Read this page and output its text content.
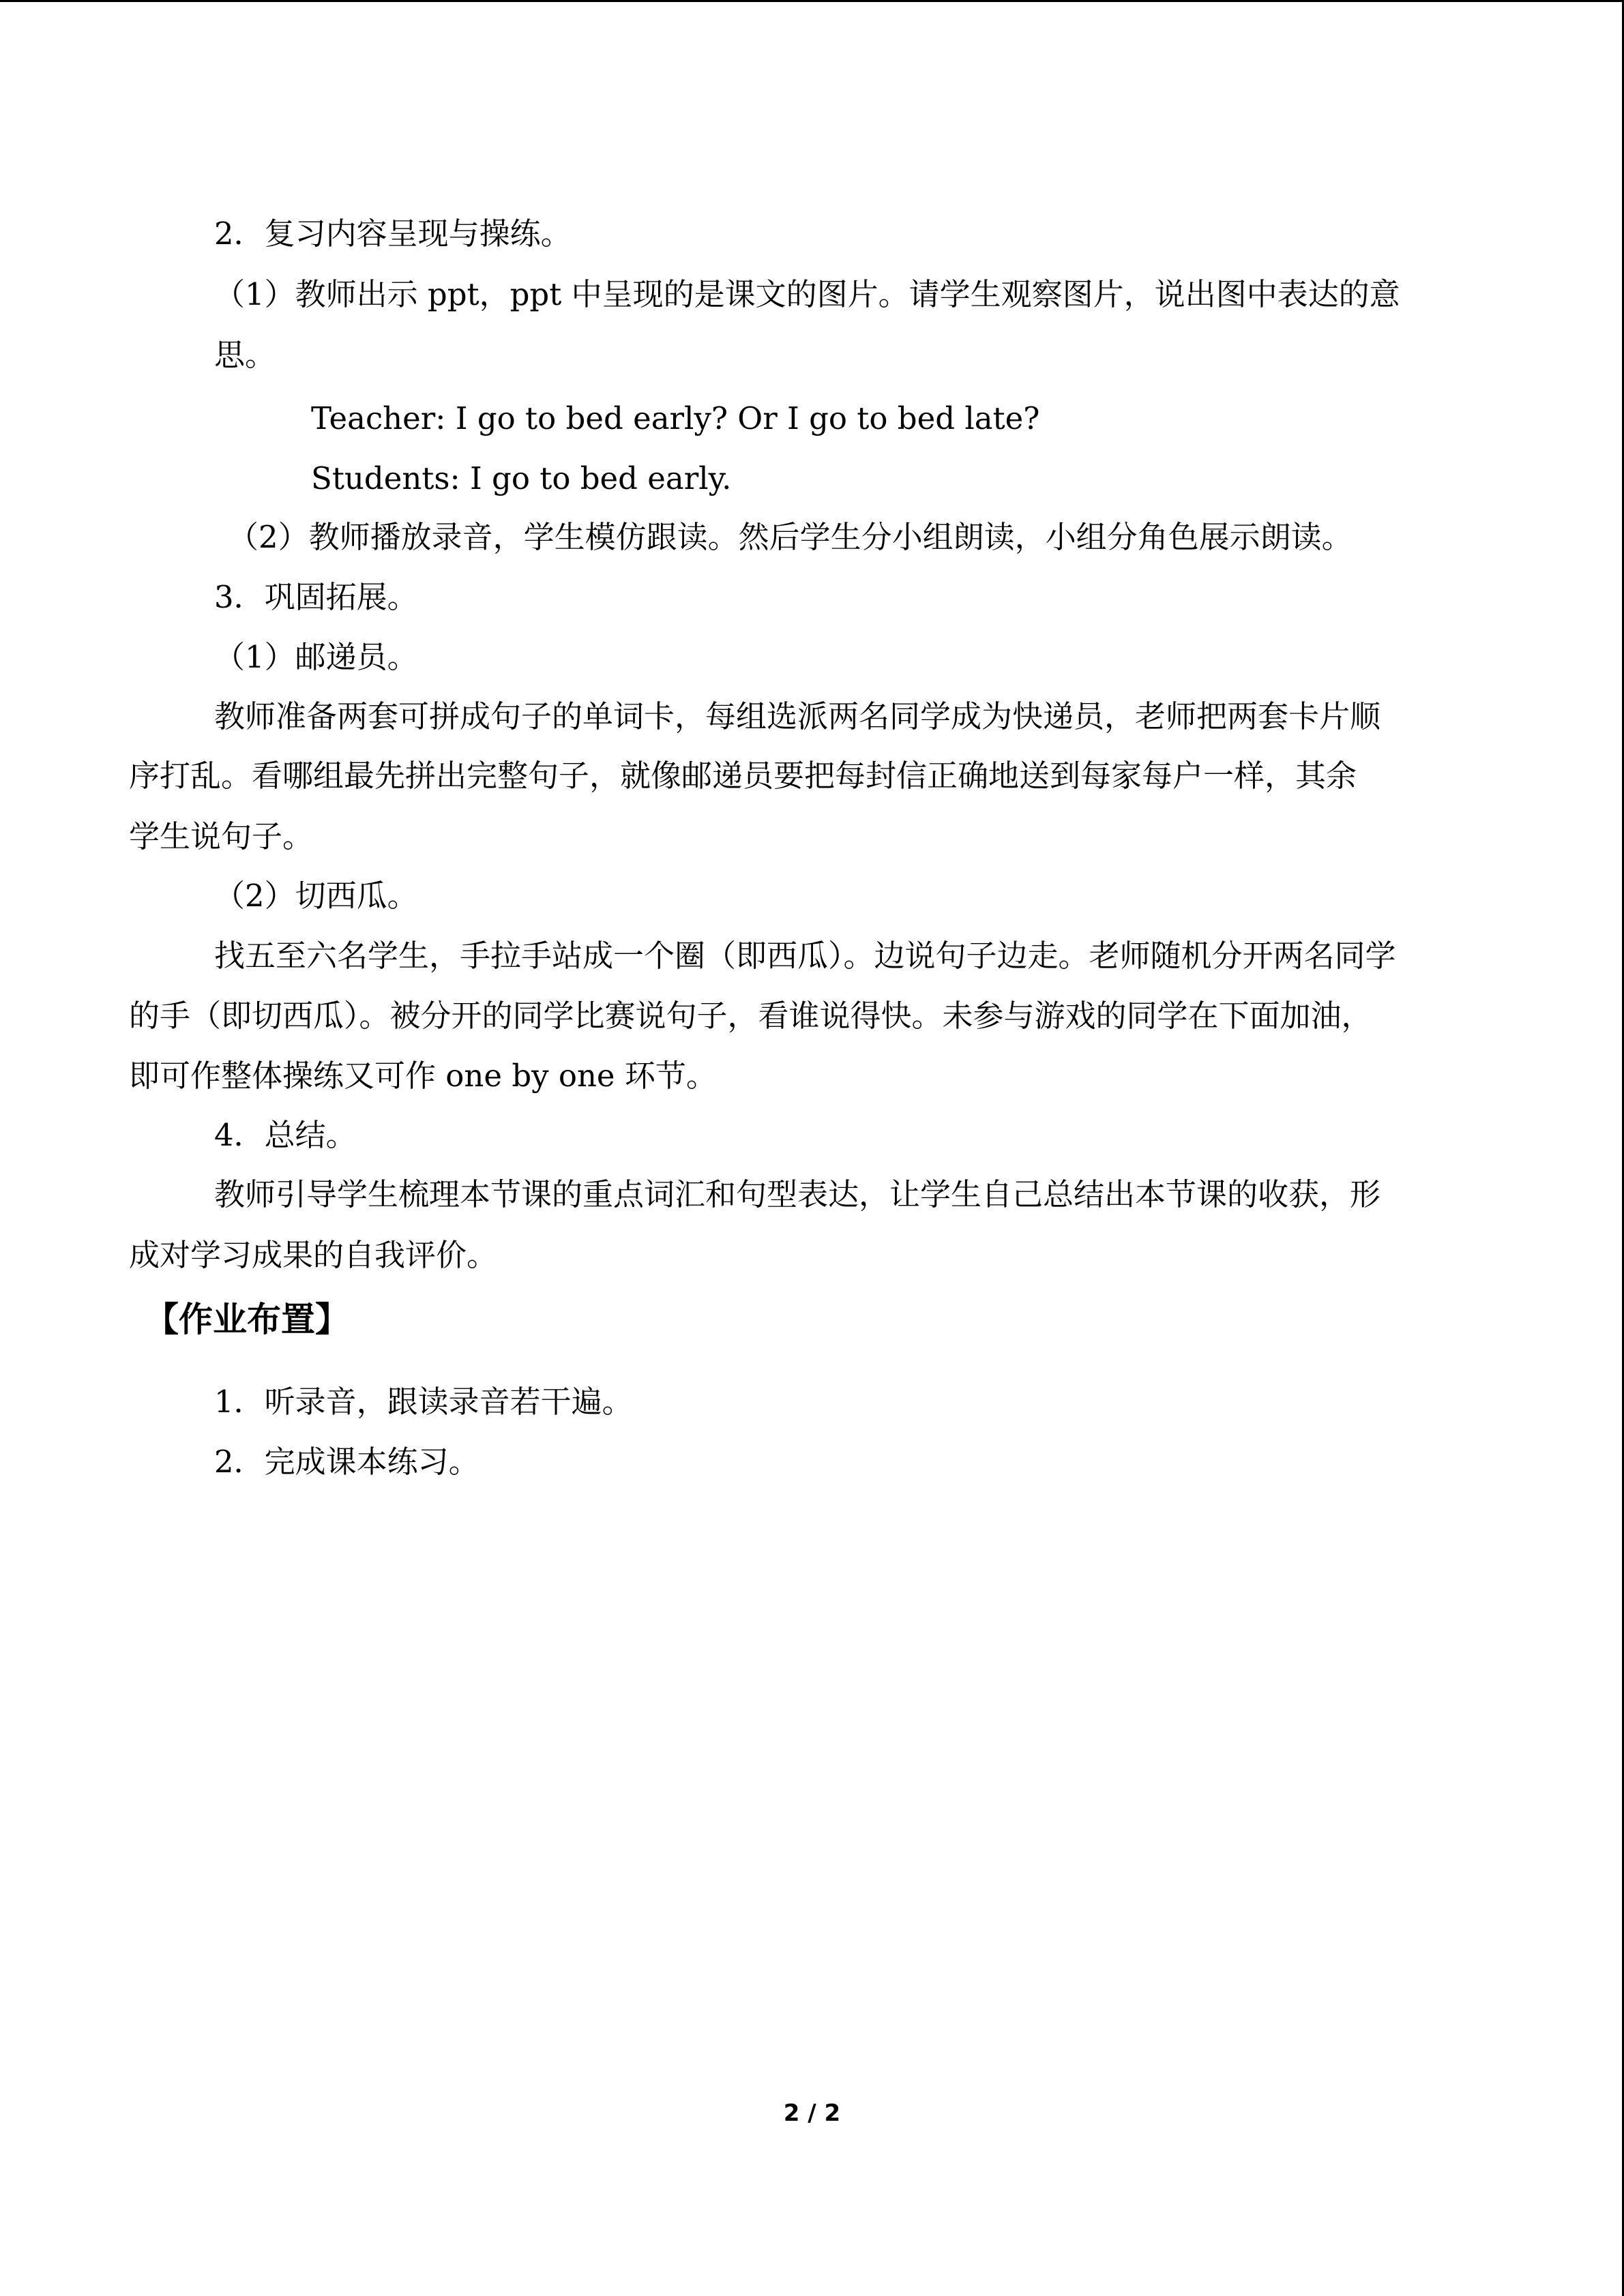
2．复习内容呈现与操练。
（1）教师出示 ppt，ppt 中呈现的是课文的图片。请学生观察图片，说出图中表达的意
思。
Teacher: I go to bed early? Or I go to bed late?
Students: I go to bed early.
（2）教师播放录音，学生模仿跟读。然后学生分小组朗读，小组分角色展示朗读。
3．巩固拓展。
（1）邮递员。
教师准备两套可拼成句子的单词卡，每组选派两名同学成为快递员，老师把两套卡片顺
序打乱。看哪组最先拼出完整句子，就像邮递员要把每封信正确地送到每家每户一样，其余
学生说句子。
（2）切西瓜。
找五至六名学生，手拉手站成一个圈（即西瓜）。边说句子边走。老师随机分开两名同学
的手（即切西瓜）。被分开的同学比赛说句子，看谁说得快。未参与游戏的同学在下面加油，
即可作整体操练又可作 one by one 环节。
4．总结。
教师引导学生梳理本节课的重点词汇和句型表达，让学生自己总结出本节课的收获，形
成对学习成果的自我评价。
【作业布置】
1．听录音，跟读录音若干遍。
2．完成课本练习。
2 / 2
